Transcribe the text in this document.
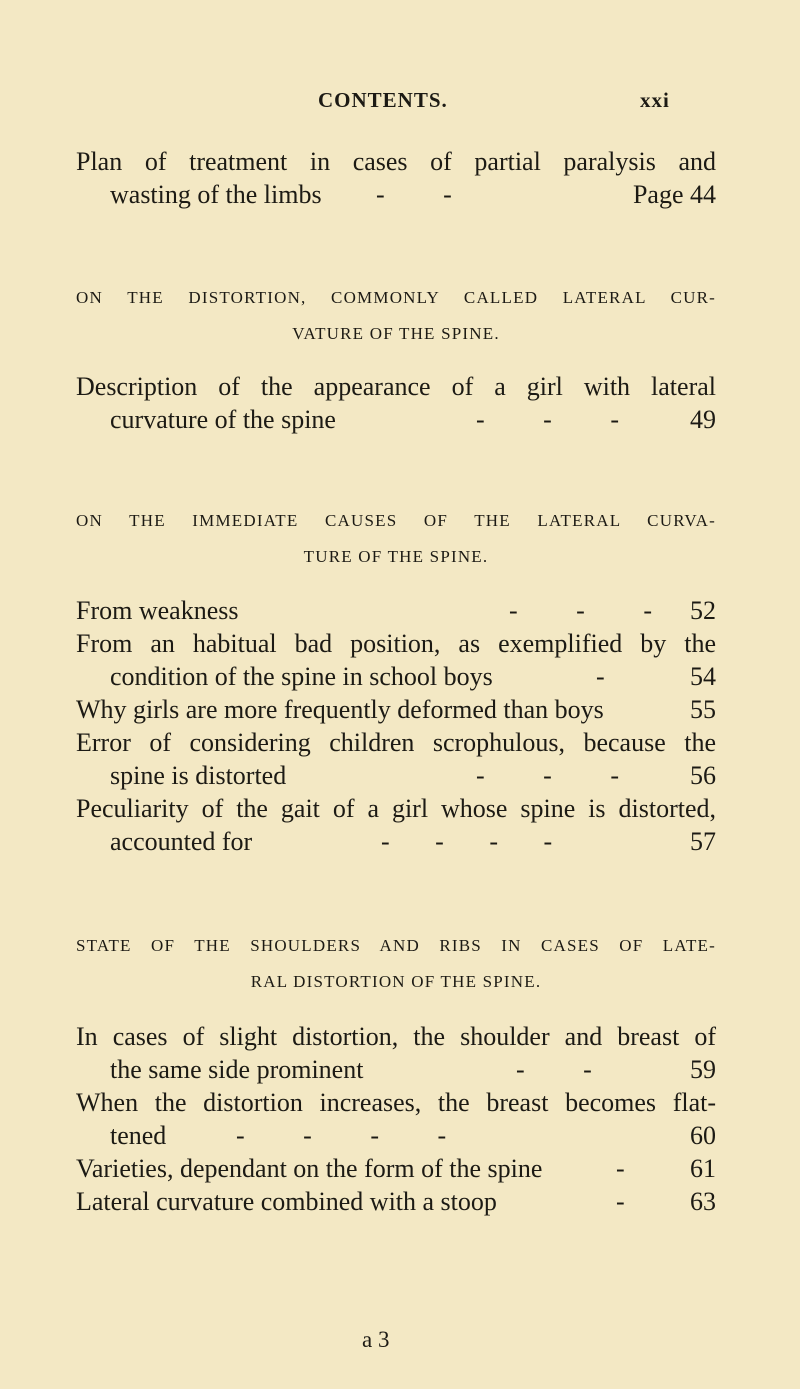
CONTENTS.	xxi
Plan of treatment in cases of partial paralysis and
wasting of the limbs -         -	Page 44
ON THE DISTORTION, COMMONLY CALLED LATERAL CUR-
VATURE OF THE SPINE.
Description of the appearance of a girl with lateral
curvature of the spine	-         -         -	49
ON THE IMMEDIATE CAUSES OF THE LATERAL CURVA-
TURE OF THE SPINE.
From weakness	-         -         - 52
From an habitual bad position, as exemplified by the
condition of the spine in school boys	-	54
Why girls are more frequently deformed than boys	55
Error of considering children scrophulous, because the
spine is distorted	-         -         -	56
Peculiarity of the gait of a girl whose spine is distorted,
accounted for	-       -       -       -	57
STATE OF THE SHOULDERS AND RIBS IN CASES OF LATE-
RAL DISTORTION OF THE SPINE.
In cases of slight distortion, the shoulder and breast of
the same side prominent	-         -	59
When the distortion increases, the breast becomes flat-
tened	-         -         -         -	60
Varieties, dependant on the form of the spine	-	61
Lateral curvature combined with a stoop	-	63
a 3
